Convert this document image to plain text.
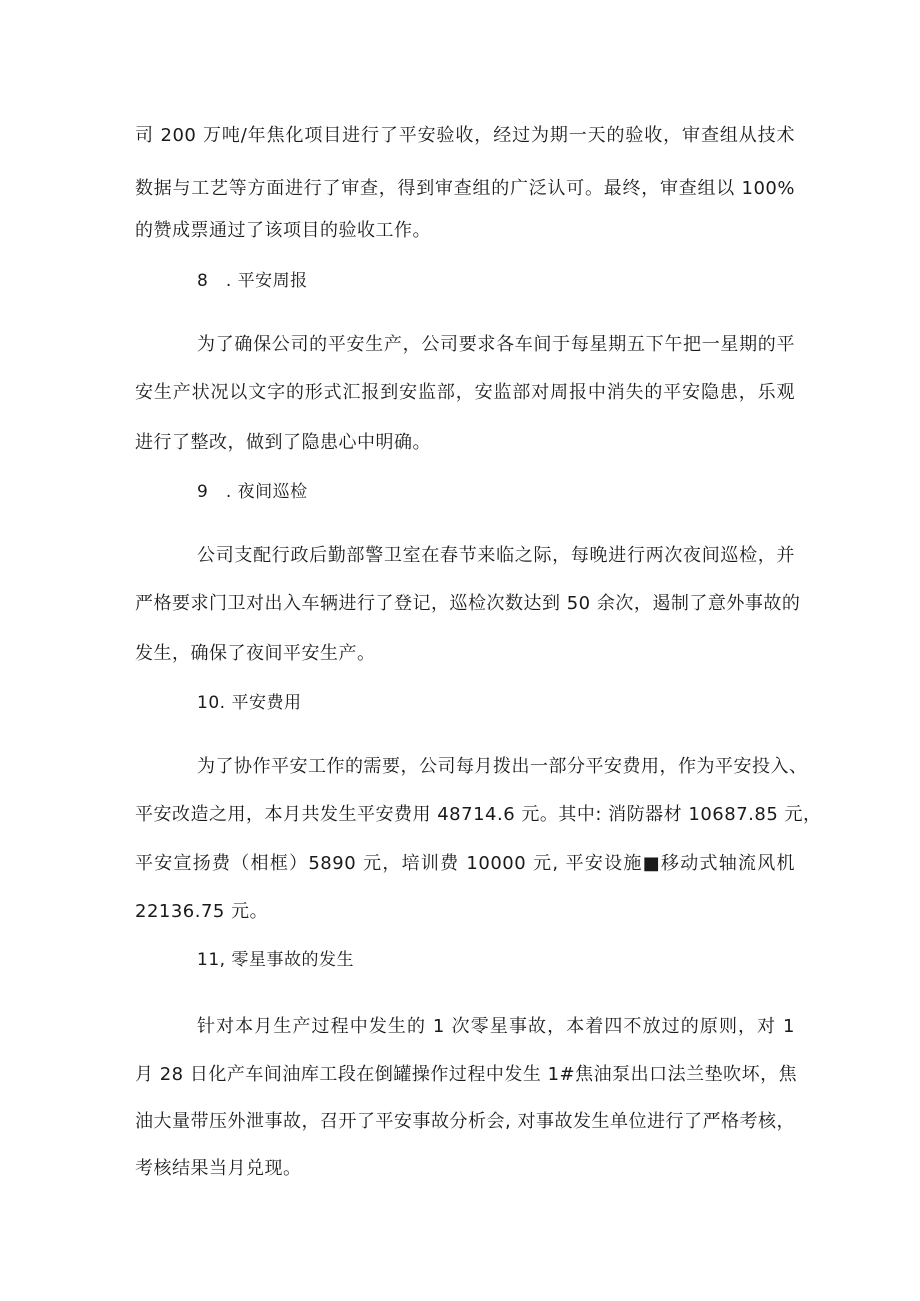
司 200 万吨/年焦化项目进行了平安验收，经过为期一天的验收，审查组从技术
数据与工艺等方面进行了审查，得到审查组的广泛认可。最终，审查组以 100%
的赞成票通过了该项目的验收工作。
8　. 平安周报
为了确保公司的平安生产，公司要求各车间于每星期五下午把一星期的平
安生产状况以文字的形式汇报到安监部，安监部对周报中消失的平安隐患，乐观
进行了整改，做到了隐患心中明确。
9　. 夜间巡检
公司支配行政后勤部警卫室在春节来临之际，每晚进行两次夜间巡检，并
严格要求门卫对出入车辆进行了登记，巡检次数达到 50 余次，遏制了意外事故的
发生，确保了夜间平安生产。
10. 平安费用
为了协作平安工作的需要，公司每月拨出一部分平安费用，作为平安投入、
平安改造之用，本月共发生平安费用 48714.6 元。其中: 消防器材 10687.85 元，
平安宣扬费（相框）5890 元，培训费 10000 元, 平安设施■移动式轴流风机
22136.75 元。
11, 零星事故的发生
针对本月生产过程中发生的 1 次零星事故，本着四不放过的原则，对 1
月 28 日化产车间油库工段在倒罐操作过程中发生 1#焦油泵出口法兰垫吹坏，焦
油大量带压外泄事故，召开了平安事故分析会, 对事故发生单位进行了严格考核，
考核结果当月兑现。
